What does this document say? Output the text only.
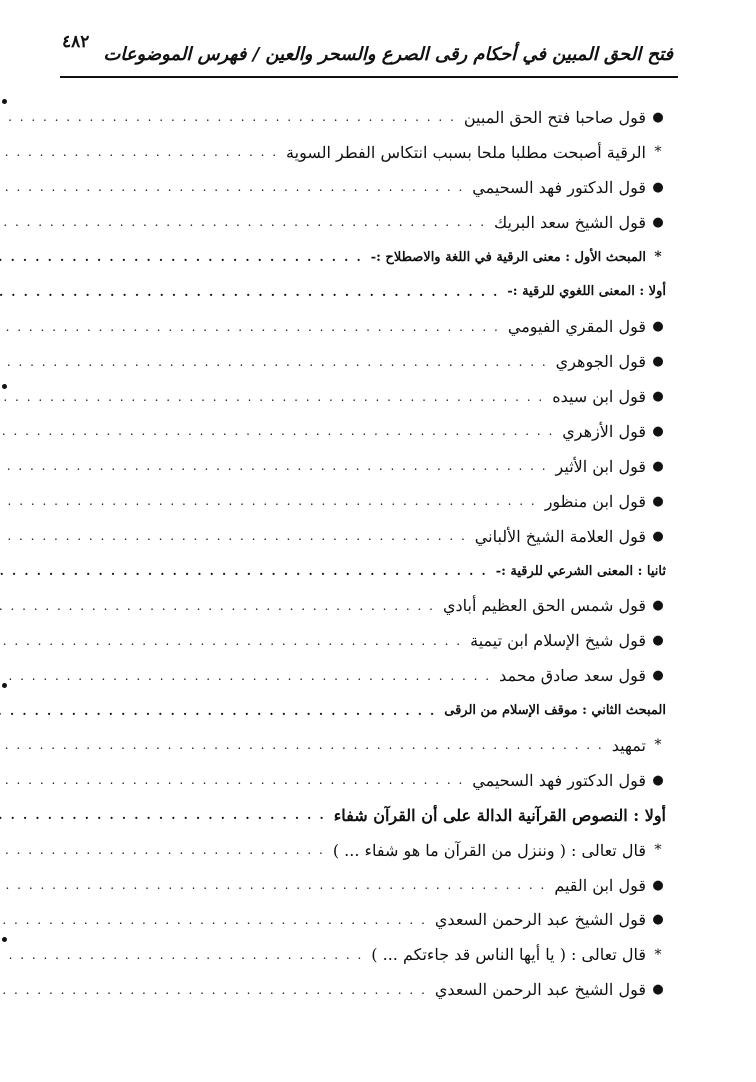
٤٨٢
فتح الحق المبين في أحكام رقى الصرع والسحر والعين / فهرس الموضوعات
●
قول صاحبا فتح الحق المبين
. . .
*
الرقية أصبحت مطلبا ملحا بسبب انتكاس الفطر السوية
. . .
●
قول الدكتور فهد السحيمي
. . .
●
قول الشيخ سعد البريك
. . .
*
المبحث الأول : معنى الرقية في اللغة والاصطلاح :-
. . .
أولا : المعنى اللغوي للرقية :-
. . .
●
قول المقري الفيومي
. . .
●
قول الجوهري
. . .
●
قول ابن سيده
. . .
●
قول الأزهري
. . .
●
قول ابن الأثير
. . .
●
قول ابن منظور
. . .
●
قول العلامة الشيخ الألباني
. . .
ثانيا : المعنى الشرعي للرقية :-
. . .
●
قول شمس الحق العظيم أبادي
. . .
●
قول شيخ الإسلام ابن تيمية
. . .
●
قول سعد صادق محمد
. . .
المبحث الثاني : موقف الإسلام من الرقى
. . .
*
تمهيد
. . .
●
قول الدكتور فهد السحيمي
. . .
أولا : النصوص القرآنية الدالة على أن القرآن شفاء
. . .
*
قال تعالى : ( وننزل من القرآن ما هو شفاء ... )
. . .
●
قول ابن القيم
. . .
●
قول الشيخ عبد الرحمن السعدي
. . .
*
قال تعالى : ( يا أيها الناس قد جاءتكم ... )
. . .
●
قول الشيخ عبد الرحمن السعدي
. . .
